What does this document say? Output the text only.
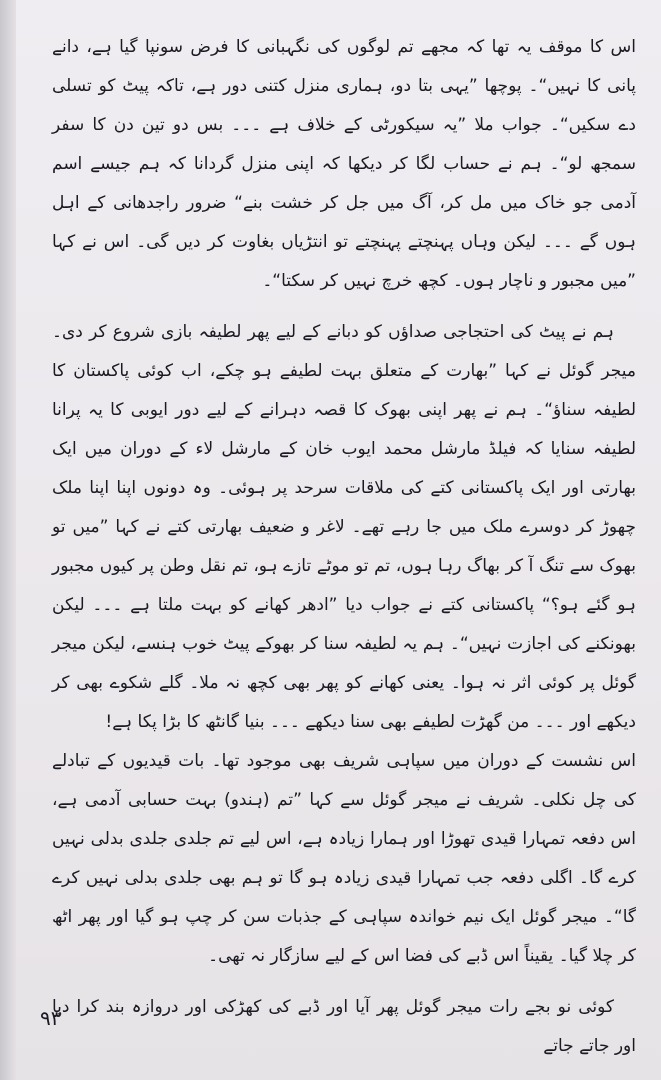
اس کا موقف یہ تھا کہ مجھے تم لوگوں کی نگہبانی کا فرض سونپا گیا ہے، دانے پانی کا نہیں“۔ پوچھا ”یہی بتا دو، ہماری منزل کتنی دور ہے، تاکہ پیٹ کو تسلی دے سکیں“۔ جواب ملا ”یہ سیکورٹی کے خلاف ہے ۔۔۔ بس دو تین دن کا سفر سمجھ لو“۔ ہم نے حساب لگا کر دیکھا کہ اپنی منزل گردانا کہ ہم جیسے اسم آدمی جو خاک میں مل کر، آگ میں جل کر خشت بنے“ ضرور راجدھانی کے اہل ہوں گے ۔۔۔ لیکن وہاں پہنچتے پہنچتے تو انتڑیاں بغاوت کر دیں گی۔ اس نے کہا ”میں مجبور و ناچار ہوں۔ کچھ خرچ نہیں کر سکتا“۔

ہم نے پیٹ کی احتجاجی صداؤں کو دبانے کے لیے پھر لطیفہ بازی شروع کر دی۔ میجر گوئل نے کہا ”بھارت کے متعلق بہت لطیفے ہو چکے، اب کوئی پاکستان کا لطیفہ سناؤ“۔ ہم نے پھر اپنی بھوک کا قصہ دہرانے کے لیے دور ایوبی کا یہ پرانا لطیفہ سنایا کہ فیلڈ مارشل محمد ایوب خان کے مارشل لاء کے دوران میں ایک بھارتی اور ایک پاکستانی کتے کی ملاقات سرحد پر ہوئی۔ وہ دونوں اپنا اپنا ملک چھوڑ کر دوسرے ملک میں جا رہے تھے۔ لاغر و ضعیف بھارتی کتے نے کہا ”میں تو بھوک سے تنگ آ کر بھاگ رہا ہوں، تم تو موٹے تازے ہو، تم نقل وطن پر کیوں مجبور ہو گئے ہو؟“ پاکستانی کتے نے جواب دیا ”ادھر کھانے کو بہت ملتا ہے ۔۔۔ لیکن بھونکنے کی اجازت نہیں“۔ ہم یہ لطیفہ سنا کر بھوکے پیٹ خوب ہنسے، لیکن میجر گوئل پر کوئی اثر نہ ہوا۔ یعنی کھانے کو پھر بھی کچھ نہ ملا۔ گلے شکوے بھی کر دیکھے اور ۔۔۔ من گھڑت لطیفے بھی سنا دیکھے ۔۔۔ بنیا گانٹھ کا بڑا پکا ہے!

اس نشست کے دوران میں سپاہی شریف بھی موجود تھا۔ بات قیدیوں کے تبادلے کی چل نکلی۔ شریف نے میجر گوئل سے کہا ”تم (ہندو) بہت حسابی آدمی ہے، اس دفعہ تمہارا قیدی تھوڑا اور ہمارا زیادہ ہے، اس لیے تم جلدی جلدی بدلی نہیں کرے گا۔ اگلی دفعہ جب تمہارا قیدی زیادہ ہو گا تو ہم بھی جلدی بدلی نہیں کرے گا“۔ میجر گوئل ایک نیم خواندہ سپاہی کے جذبات سن کر چپ ہو گیا اور پھر اٹھ کر چلا گیا۔ یقیناً اس ڈبے کی فضا اس کے لیے سازگار نہ تھی۔

کوئی نو بجے رات میجر گوئل پھر آیا اور ڈبے کی کھڑکی اور دروازہ بند کرا دیا اور جاتے جاتے

۹۳
